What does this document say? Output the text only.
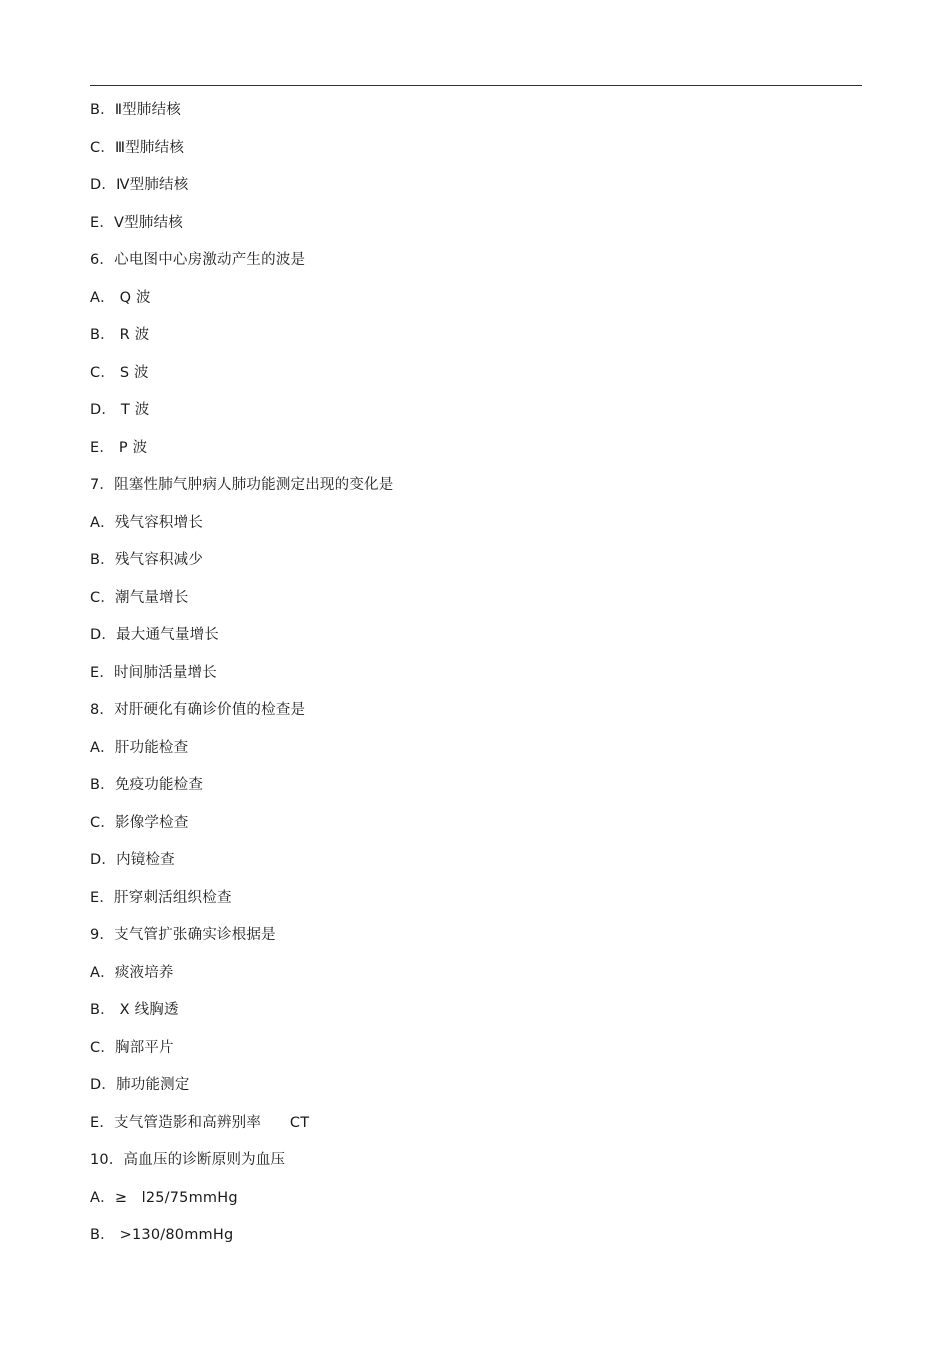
B．Ⅱ型肺结核
C．Ⅲ型肺结核
D．Ⅳ型肺结核
E．Ⅴ型肺结核
6．心电图中心房激动产生的波是
A． Q 波
B． R 波
C． S 波
D． T 波
E． P 波
7．阻塞性肺气肿病人肺功能测定出现的变化是
A．残气容积增长
B．残气容积减少
C．潮气量增长
D．最大通气量增长
E．时间肺活量增长
8．对肝硬化有确诊价值的检查是
A．肝功能检查
B．免疫功能检查
C．影像学检查
D．内镜检查
E．肝穿刺活组织检查
9．支气管扩张确实诊根据是
A．痰液培养
B． X 线胸透
C．胸部平片
D．肺功能测定
E．支气管造影和高辨别率      CT
10．高血压的诊断原则为血压
A．≥   l25/75mmHg
B． >130/80mmHg
